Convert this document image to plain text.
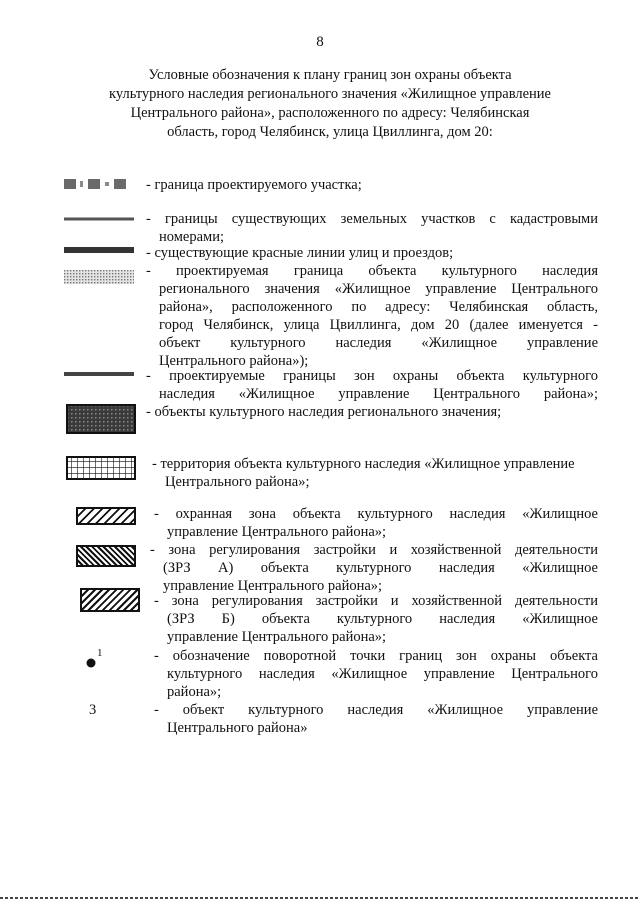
8
Условные обозначения к плану границ зон охраны объекта
культурного наследия регионального значения «Жилищное управление
Центрального района», расположенного по адресу: Челябинская
область, город Челябинск, улица Цвиллинга, дом 20:
- граница проектируемого участка;
- границы существующих земельных участков с кадастровыми
номерами;
- существующие красные линии улиц и проездов;
- проектируемая граница объекта культурного наследия
регионального значения «Жилищное управление Центрального
района», расположенного по адресу: Челябинская область,
город Челябинск, улица Цвиллинга, дом 20 (далее именуется -
объект культурного наследия «Жилищное управление
Центрального района»);
- проектируемые границы зон охраны объекта культурного
наследия «Жилищное управление Центрального района»;
- объекты культурного наследия регионального значения;
- территория объекта культурного наследия «Жилищное управление
Центрального района»;
- охранная зона объекта культурного наследия «Жилищное
управление Центрального района»;
- зона регулирования застройки и хозяйственной деятельности
(ЗРЗ А) объекта культурного наследия «Жилищное
управление Центрального района»;
- зона регулирования застройки и хозяйственной деятельности
(ЗРЗ Б) объекта культурного наследия «Жилищное
управление Центрального района»;
1	- обозначение поворотной точки границ зон охраны объекта
культурного наследия «Жилищное управление Центрального
района»;
3	- объект культурного наследия «Жилищное управление
Центрального района»
